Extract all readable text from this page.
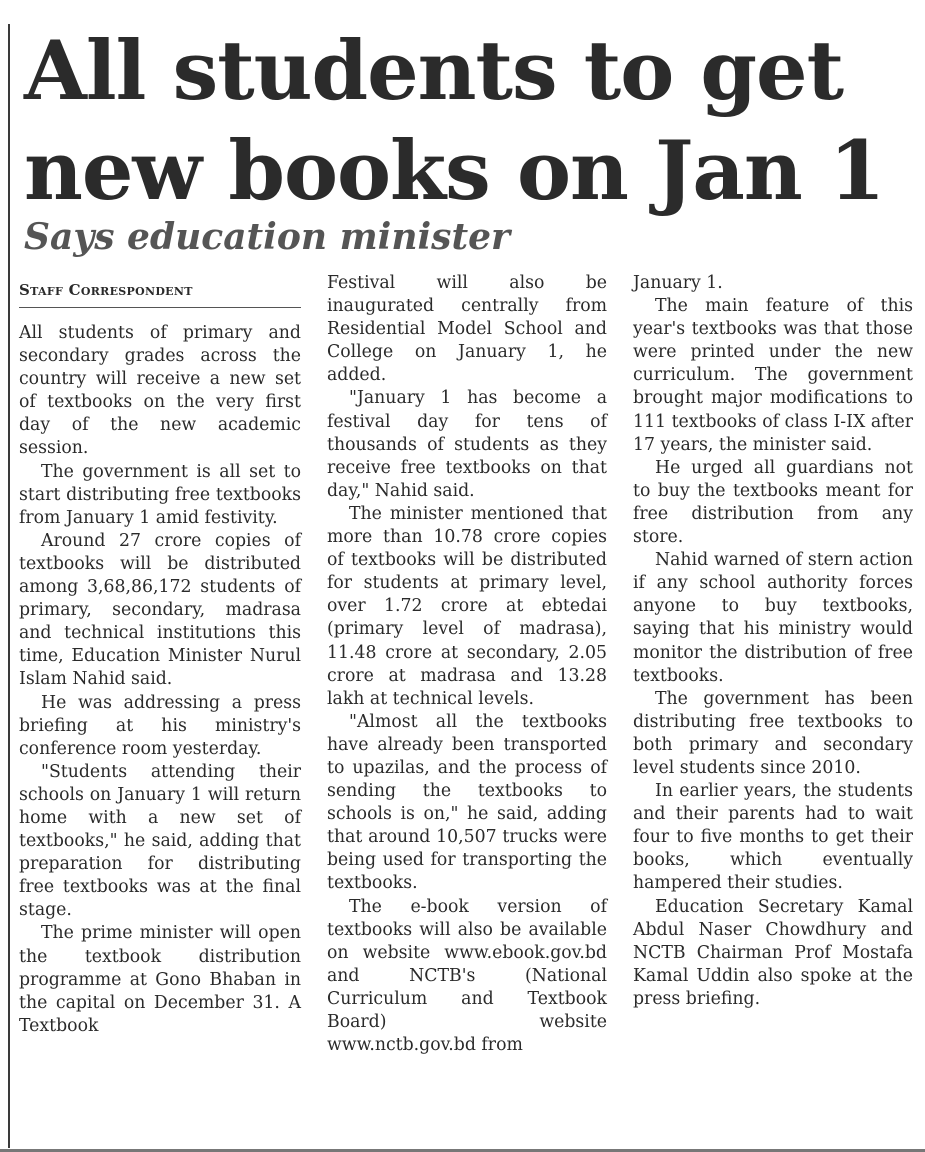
All students to get
new books on Jan 1
Says education minister
Staff Correspondent

All students of primary and secondary grades across the country will receive a new set of textbooks on the very first day of the new academic session.

The government is all set to start distributing free textbooks from January 1 amid festivity.

Around 27 crore copies of textbooks will be distributed among 3,68,86,172 students of primary, secondary, madrasa and technical institutions this time, Education Minister Nurul Islam Nahid said.

He was addressing a press briefing at his ministry's conference room yesterday.

"Students attending their schools on January 1 will return home with a new set of textbooks," he said, adding that preparation for distributing free textbooks was at the final stage.

The prime minister will open the textbook distribution programme at Gono Bhaban in the capital on December 31. A Textbook

Festival will also be inaugurated centrally from Residential Model School and College on January 1, he added.

"January 1 has become a festival day for tens of thousands of students as they receive free textbooks on that day," Nahid said.

The minister mentioned that more than 10.78 crore copies of textbooks will be distributed for students at primary level, over 1.72 crore at ebtedai (primary level of madrasa), 11.48 crore at secondary, 2.05 crore at madrasa and 13.28 lakh at technical levels.

"Almost all the textbooks have already been transported to upazilas, and the process of sending the textbooks to schools is on," he said, adding that around 10,507 trucks were being used for transporting the textbooks.

The e-book version of textbooks will also be available on website www.ebook.gov.bd and NCTB's (National Curriculum and Textbook Board) website www.nctb.gov.bd from

January 1.

The main feature of this year's textbooks was that those were printed under the new curriculum. The government brought major modifications to 111 textbooks of class I-IX after 17 years, the minister said.

He urged all guardians not to buy the textbooks meant for free distribution from any store.

Nahid warned of stern action if any school authority forces anyone to buy textbooks, saying that his ministry would monitor the distribution of free textbooks.

The government has been distributing free textbooks to both primary and secondary level students since 2010.

In earlier years, the students and their parents had to wait four to five months to get their books, which eventually hampered their studies.

Education Secretary Kamal Abdul Naser Chowdhury and NCTB Chairman Prof Mostafa Kamal Uddin also spoke at the press briefing.
